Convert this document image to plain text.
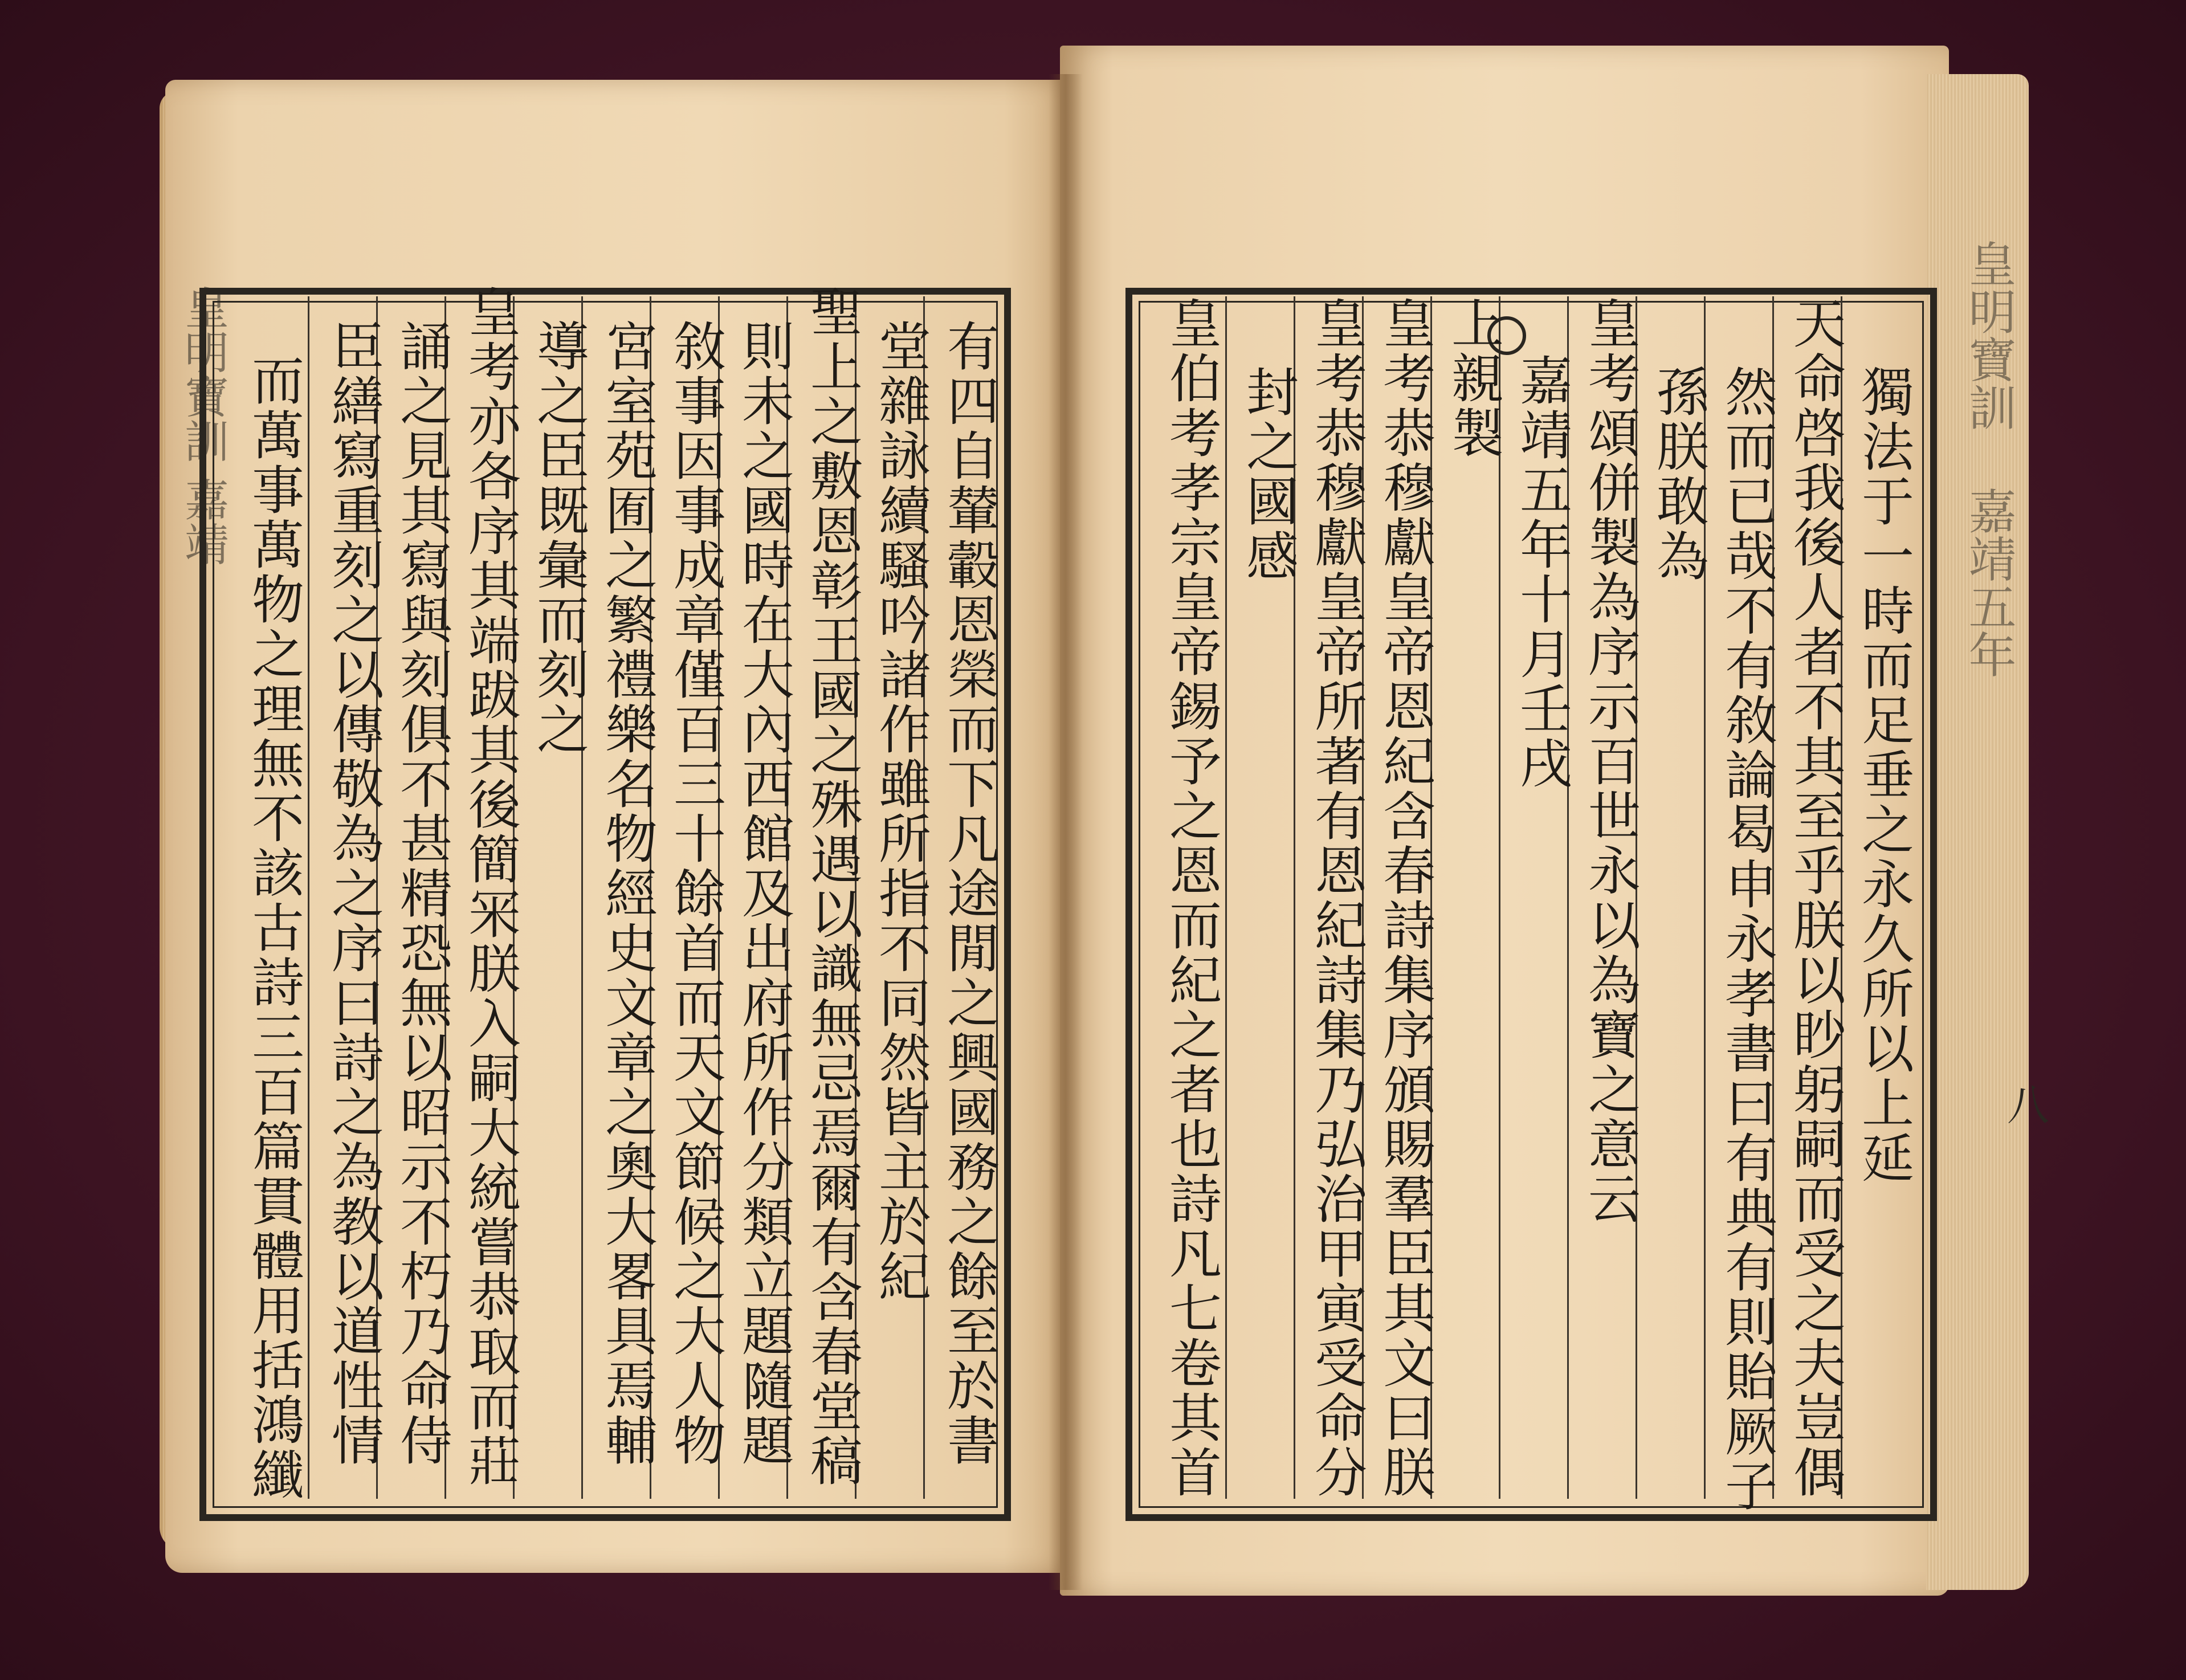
皇明寶訓 嘉靖	有四自輦轂恩榮而下凡途閒之興國務之餘至於書
堂雜詠續騷吟諸作雖所指不同然皆主於紀
聖上之敷恩彰王國之殊遇以識無忌焉爾有含春堂稿
則未之國時在大內西館及出府所作分類立題隨題
敘事因事成章僅百三十餘首而天文節候之大人物
宮室苑囿之繁禮樂名物經史文章之奧大畧具焉輔
導之臣既彙而刻之
皇考亦各序其端跋其後簡冞朕入嗣大統嘗恭取而莊
誦之見其寫與刻俱不甚精恐無以昭示不朽乃命侍
臣繕寫重刻之以傳敬為之序曰詩之為教以道性情
而萬事萬物之理無不該古詩三百篇貫體用括鴻纖	皇明寶訓 嘉靖五年
八
獨法于一時而足垂之永久所以上延
天命啓我後人者不其至乎朕以眇躬嗣而受之夫豈偶
然而已哉不有敘論曷申永孝書曰有典有則貽厥子
孫朕敢為
皇考頌併製為序示百世永以為寶之意云
嘉靖五年十月壬戌
上親製
皇考恭穆獻皇帝恩紀含春詩集序頒賜羣臣其文曰朕
皇考恭穆獻皇帝所著有恩紀詩集乃弘治甲寅受命分
封之國感
皇伯考孝宗皇帝錫予之恩而紀之者也詩凡七卷其首
